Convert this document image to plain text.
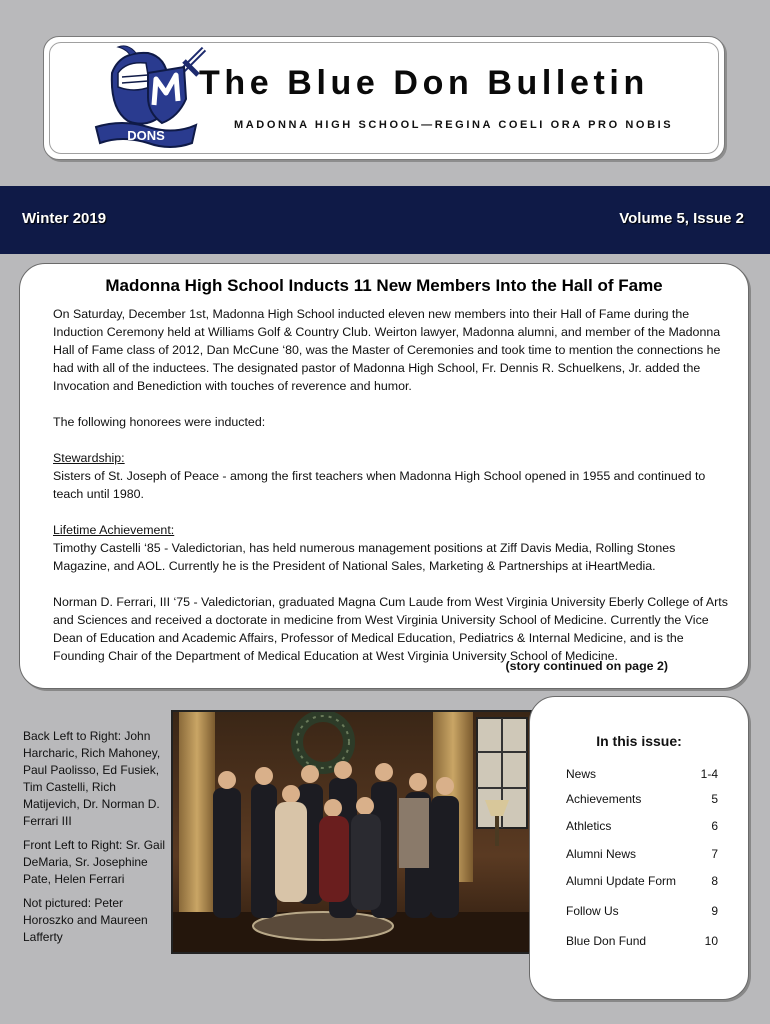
DONS
The Blue Don Bulletin

MADONNA HIGH SCHOOL—REGINA COELI ORA PRO NOBIS

Winter 2019	Volume 5, Issue 2
Madonna High School Inducts 11 New Members Into the Hall of Fame

On Saturday, December 1st, Madonna High School inducted eleven new members into their Hall of Fame during the Induction Ceremony held at Williams Golf & Country Club. Weirton lawyer, Madonna alumni, and member of the Madonna Hall of Fame class of 2012, Dan McCune ‘80, was the Master of Ceremonies and took time to mention the connections he had with all of the inductees. The designated pastor of Madonna High School, Fr. Dennis R. Schuelkens, Jr. added the Invocation and Benediction with touches of reverence and humor.

The following honorees were inducted:

Stewardship:
Sisters of St. Joseph of Peace - among the first teachers when Madonna High School opened in 1955 and continued to teach until 1980.

Lifetime Achievement:
Timothy Castelli ‘85 - Valedictorian, has held numerous management positions at Ziff Davis Media, Rolling Stones Magazine, and AOL. Currently he is the President of National Sales, Marketing & Partnerships at iHeartMedia.

Norman D. Ferrari, III ‘75 - Valedictorian, graduated Magna Cum Laude from West Virginia University Eberly College of Arts and Sciences and received a doctorate in medicine from West Virginia University School of Medicine. Currently the Vice Dean of Education and Academic Affairs, Professor of Medical Education, Pediatrics & Internal Medicine, and is the Founding Chair of the Department of Medical Education at West Virginia University School of Medicine.

(story continued on page 2)

Back Left to Right: John Harcharic, Rich Mahoney, Paul Paolisso, Ed Fusiek, Tim Castelli, Rich Matijevich, Dr. Norman D. Ferrari III

Front Left to Right: Sr. Gail DeMaria, Sr. Josephine Pate, Helen Ferrari

Not pictured: Peter Horoszko and Maureen Lafferty

In this issue:
News	1-4
Achievements	5
Athletics	6
Alumni News	7
Alumni Update Form	8
Follow Us	9
Blue Don Fund	10
